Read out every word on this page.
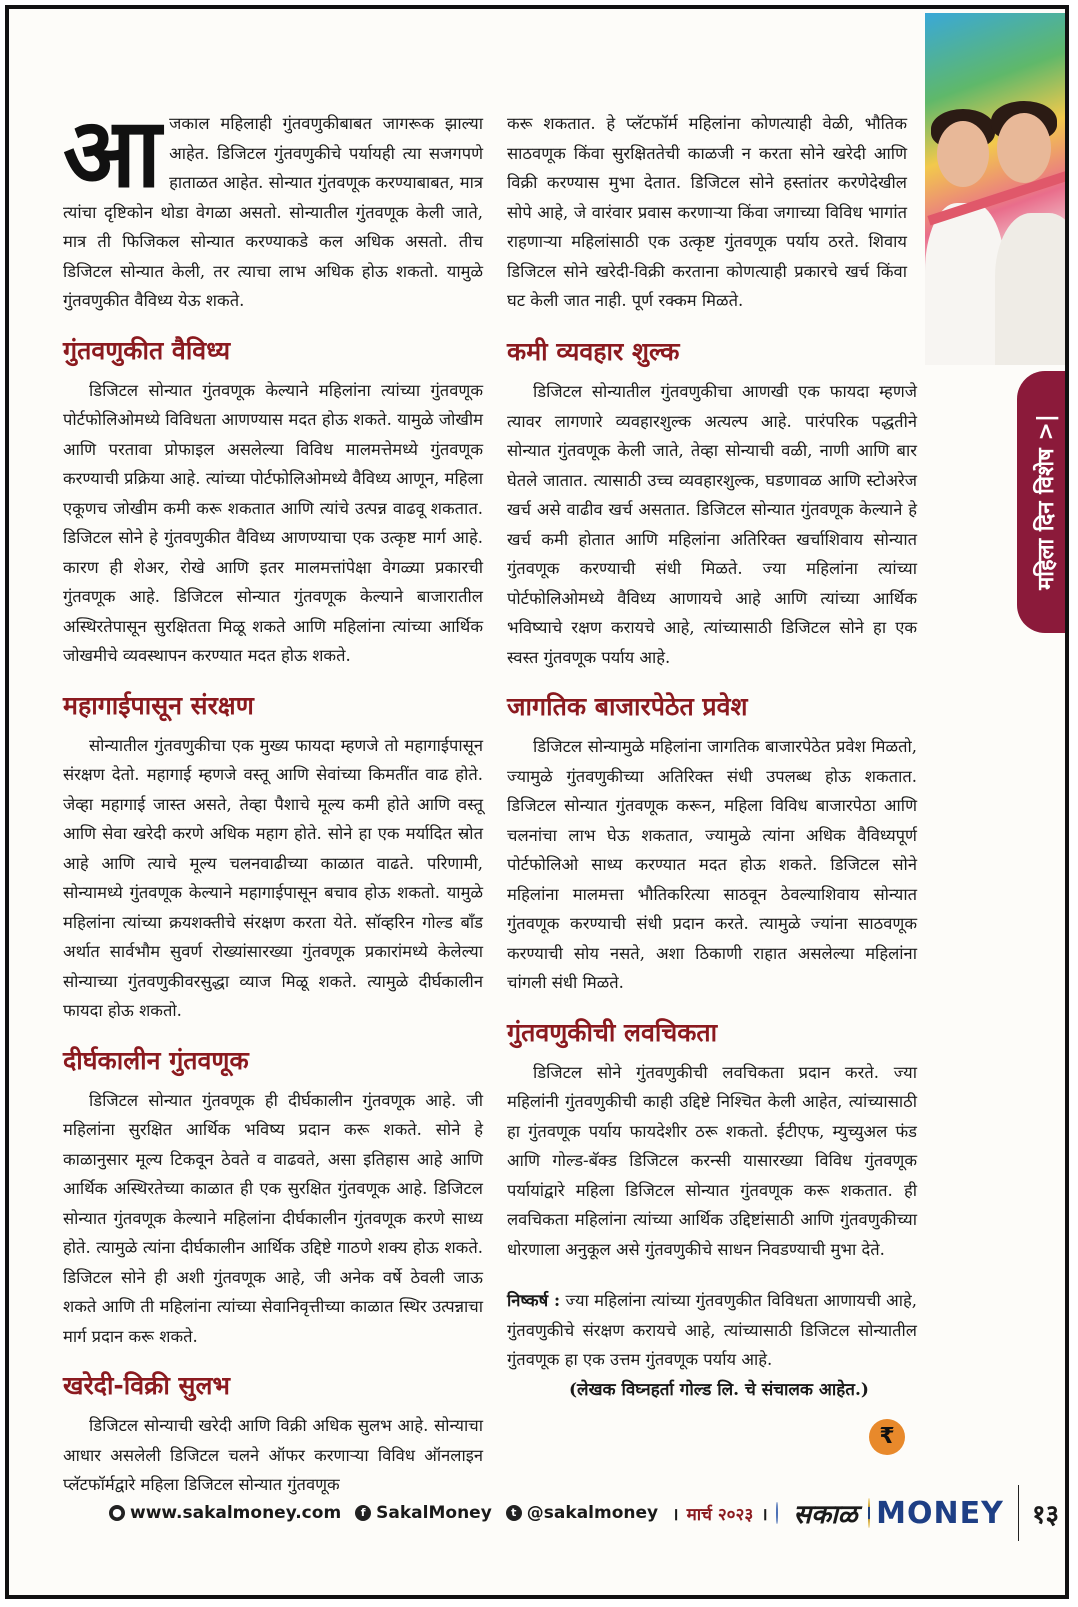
आजकाल महिलाही गुंतवणुकीबाबत जागरूक झाल्या आहेत. डिजिटल गुंतवणुकीचे पर्यायही त्या सजगपणे हाताळत आहेत. सोन्यात गुंतवणूक करण्याबाबत, मात्र त्यांचा दृष्टिकोन थोडा वेगळा असतो. सोन्यातील गुंतवणूक केली जाते, मात्र ती फिजिकल सोन्यात करण्याकडे कल अधिक असतो. तीच डिजिटल सोन्यात केली, तर त्याचा लाभ अधिक होऊ शकतो. यामुळे गुंतवणुकीत वैविध्य येऊ शकते.

गुंतवणुकीत वैविध्य

डिजिटल सोन्यात गुंतवणूक केल्याने महिलांना त्यांच्या गुंतवणूक पोर्टफोलिओमध्ये विविधता आणण्यास मदत होऊ शकते. यामुळे जोखीम आणि परतावा प्रोफाइल असलेल्या विविध मालमत्तेमध्ये गुंतवणूक करण्याची प्रक्रिया आहे. त्यांच्या पोर्टफोलिओमध्ये वैविध्य आणून, महिला एकूणच जोखीम कमी करू शकतात आणि त्यांचे उत्पन्न वाढवू शकतात. डिजिटल सोने हे गुंतवणुकीत वैविध्य आणण्याचा एक उत्कृष्ट मार्ग आहे. कारण ही शेअर, रोखे आणि इतर मालमत्तांपेक्षा वेगळ्या प्रकारची गुंतवणूक आहे. डिजिटल सोन्यात गुंतवणूक केल्याने बाजारातील अस्थिरतेपासून सुरक्षितता मिळू शकते आणि महिलांना त्यांच्या आर्थिक जोखमीचे व्यवस्थापन करण्यात मदत होऊ शकते.

महागाईपासून संरक्षण

सोन्यातील गुंतवणुकीचा एक मुख्य फायदा म्हणजे तो महागाईपासून संरक्षण देतो. महागाई म्हणजे वस्तू आणि सेवांच्या किमतींत वाढ होते. जेव्हा महागाई जास्त असते, तेव्हा पैशाचे मूल्य कमी होते आणि वस्तू आणि सेवा खरेदी करणे अधिक महाग होते. सोने हा एक मर्यादित स्रोत आहे आणि त्याचे मूल्य चलनवाढीच्या काळात वाढते. परिणामी, सोन्यामध्ये गुंतवणूक केल्याने महागाईपासून बचाव होऊ शकतो. यामुळे महिलांना त्यांच्या क्रयशक्तीचे संरक्षण करता येते. सॉव्हरिन गोल्ड बाँड अर्थात सार्वभौम सुवर्ण रोख्यांसारख्या गुंतवणूक प्रकारांमध्ये केलेल्या सोन्याच्या गुंतवणुकीवरसुद्धा व्याज मिळू शकते. त्यामुळे दीर्घकालीन फायदा होऊ शकतो.

दीर्घकालीन गुंतवणूक

डिजिटल सोन्यात गुंतवणूक ही दीर्घकालीन गुंतवणूक आहे. जी महिलांना सुरक्षित आर्थिक भविष्य प्रदान करू शकते. सोने हे काळानुसार मूल्य टिकवून ठेवते व वाढवते, असा इतिहास आहे आणि आर्थिक अस्थिरतेच्या काळात ही एक सुरक्षित गुंतवणूक आहे. डिजिटल सोन्यात गुंतवणूक केल्याने महिलांना दीर्घकालीन गुंतवणूक करणे साध्य होते. त्यामुळे त्यांना दीर्घकालीन आर्थिक उद्दिष्टे गाठणे शक्य होऊ शकते. डिजिटल सोने ही अशी गुंतवणूक आहे, जी अनेक वर्षे ठेवली जाऊ शकते आणि ती महिलांना त्यांच्या सेवानिवृत्तीच्या काळात स्थिर उत्पन्नाचा मार्ग प्रदान करू शकते.

खरेदी-विक्री सुलभ

डिजिटल सोन्याची खरेदी आणि विक्री अधिक सुलभ आहे. सोन्याचा आधार असलेली डिजिटल चलने ऑफर करणाऱ्या विविध ऑनलाइन प्लॅटफॉर्मद्वारे महिला डिजिटल सोन्यात गुंतवणूक

करू शकतात. हे प्लॅटफॉर्म महिलांना कोणत्याही वेळी, भौतिक साठवणूक किंवा सुरक्षिततेची काळजी न करता सोने खरेदी आणि विक्री करण्यास मुभा देतात. डिजिटल सोने हस्तांतर करणेदेखील सोपे आहे, जे वारंवार प्रवास करणाऱ्या किंवा जगाच्या विविध भागांत राहणाऱ्या महिलांसाठी एक उत्कृष्ट गुंतवणूक पर्याय ठरते. शिवाय डिजिटल सोने खरेदी-विक्री करताना कोणत्याही प्रकारचे खर्च किंवा घट केली जात नाही. पूर्ण रक्कम मिळते.

कमी व्यवहार शुल्क

डिजिटल सोन्यातील गुंतवणुकीचा आणखी एक फायदा म्हणजे त्यावर लागणारे व्यवहारशुल्क अत्यल्प आहे. पारंपरिक पद्धतीने सोन्यात गुंतवणूक केली जाते, तेव्हा सोन्याची वळी, नाणी आणि बार घेतले जातात. त्यासाठी उच्च व्यवहारशुल्क, घडणावळ आणि स्टोअरेज खर्च असे वाढीव खर्च असतात. डिजिटल सोन्यात गुंतवणूक केल्याने हे खर्च कमी होतात आणि महिलांना अतिरिक्त खर्चाशिवाय सोन्यात गुंतवणूक करण्याची संधी मिळते. ज्या महिलांना त्यांच्या पोर्टफोलिओमध्ये वैविध्य आणायचे आहे आणि त्यांच्या आर्थिक भविष्याचे रक्षण करायचे आहे, त्यांच्यासाठी डिजिटल सोने हा एक स्वस्त गुंतवणूक पर्याय आहे.

जागतिक बाजारपेठेत प्रवेश

डिजिटल सोन्यामुळे महिलांना जागतिक बाजारपेठेत प्रवेश मिळतो, ज्यामुळे गुंतवणुकीच्या अतिरिक्त संधी उपलब्ध होऊ शकतात. डिजिटल सोन्यात गुंतवणूक करून, महिला विविध बाजारपेठा आणि चलनांचा लाभ घेऊ शकतात, ज्यामुळे त्यांना अधिक वैविध्यपूर्ण पोर्टफोलिओ साध्य करण्यात मदत होऊ शकते. डिजिटल सोने महिलांना मालमत्ता भौतिकरित्या साठवून ठेवल्याशिवाय सोन्यात गुंतवणूक करण्याची संधी प्रदान करते. त्यामुळे ज्यांना साठवणूक करण्याची सोय नसते, अशा ठिकाणी राहात असलेल्या महिलांना चांगली संधी मिळते.

गुंतवणुकीची लवचिकता

डिजिटल सोने गुंतवणुकीची लवचिकता प्रदान करते. ज्या महिलांनी गुंतवणुकीची काही उद्दिष्टे निश्चित केली आहेत, त्यांच्यासाठी हा गुंतवणूक पर्याय फायदेशीर ठरू शकतो. ईटीएफ, म्युच्युअल फंड आणि गोल्ड-बॅक्ड डिजिटल करन्सी यासारख्या विविध गुंतवणूक पर्यायांद्वारे महिला डिजिटल सोन्यात गुंतवणूक करू शकतात. ही लवचिकता महिलांना त्यांच्या आर्थिक उद्दिष्टांसाठी आणि गुंतवणुकीच्या धोरणाला अनुकूल असे गुंतवणुकीचे साधन निवडण्याची मुभा देते.

निष्कर्ष : ज्या महिलांना त्यांच्या गुंतवणुकीत विविधता आणायची आहे, गुंतवणुकीचे संरक्षण करायचे आहे, त्यांच्यासाठी डिजिटल सोन्यातील गुंतवणूक हा एक उत्तम गुंतवणूक पर्याय आहे.

महिला दिन विशेष >|
(लेखक विघ्नहर्ता गोल्ड लि. चे संचालक आहेत.)
₹
● www.sakalmoney.com	f SakalMoney	t @sakalmoney । मार्च २०२३ । सकाळ MONEY १३
